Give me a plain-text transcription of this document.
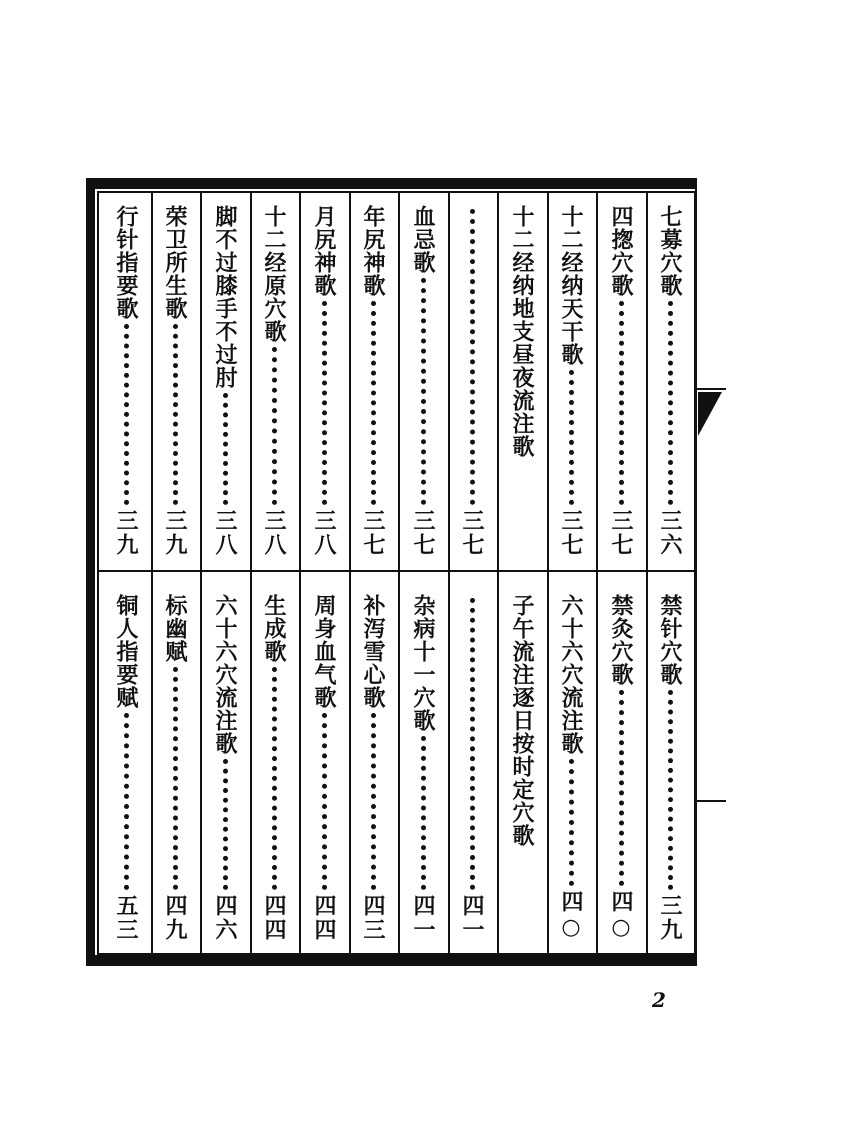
七募穴歌
三六
四揔穴歌
三七
十二经纳天干歌
三七
十二经纳地支昼夜流注歌
三七
血忌歌
三七
年尻神歌
三七
月尻神歌
三八
十二经原穴歌
三八
脚不过膝手不过肘
三八
荣卫所生歌
三九
行针指要歌
三九
禁针穴歌
三九
禁灸穴歌
四○
六十六穴流注歌
四○
子午流注逐日按时定穴歌
四一
杂病十一穴歌
四一
补泻雪心歌
四三
周身血气歌
四四
生成歌
四四
六十六穴流注歌
四六
标幽赋
四九
铜人指要赋
五三
2
